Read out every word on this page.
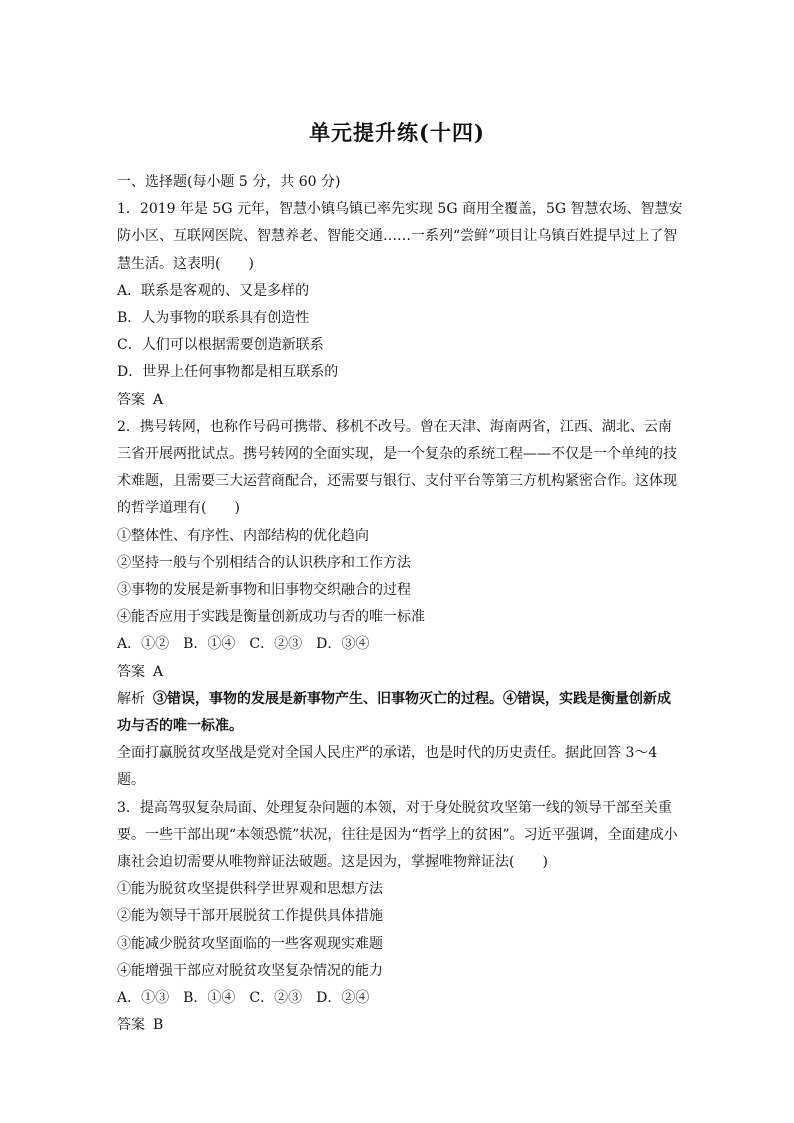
单元提升练(十四)

一、选择题(每小题 5 分，共 60 分)

1．2019 年是 5G 元年，智慧小镇乌镇已率先实现 5G 商用全覆盖，5G 智慧农场、智慧安防小区、互联网医院、智慧养老、智能交通……一系列“尝鲜”项目让乌镇百姓提早过上了智慧生活。这表明(　　)

A．联系是客观的、又是多样的

B．人为事物的联系具有创造性

C．人们可以根据需要创造新联系

D．世界上任何事物都是相互联系的

答案 A

2．携号转网，也称作号码可携带、移机不改号。曾在天津、海南两省，江西、湖北、云南三省开展两批试点。携号转网的全面实现，是一个复杂的系统工程——不仅是一个单纯的技术难题，且需要三大运营商配合，还需要与银行、支付平台等第三方机构紧密合作。这体现的哲学道理有(　　)

①整体性、有序性、内部结构的优化趋向

②坚持一般与个别相结合的认识秩序和工作方法

③事物的发展是新事物和旧事物交织融合的过程

④能否应用于实践是衡量创新成功与否的唯一标准

A．①②　B．①④　C．②③　D．③④

答案 A

解析 ③错误，事物的发展是新事物产生、旧事物灭亡的过程。④错误，实践是衡量创新成功与否的唯一标准。

全面打赢脱贫攻坚战是党对全国人民庄严的承诺，也是时代的历史责任。据此回答 3～4 题。

3．提高驾驭复杂局面、处理复杂问题的本领，对于身处脱贫攻坚第一线的领导干部至关重要。一些干部出现“本领恐慌”状况，往往是因为“哲学上的贫困”。习近平强调，全面建成小康社会迫切需要从唯物辩证法破题。这是因为，掌握唯物辩证法(　　)

①能为脱贫攻坚提供科学世界观和思想方法

②能为领导干部开展脱贫工作提供具体措施

③能减少脱贫攻坚面临的一些客观现实难题

④能增强干部应对脱贫攻坚复杂情况的能力

A．①③　B．①④　C．②③　D．②④

答案 B
